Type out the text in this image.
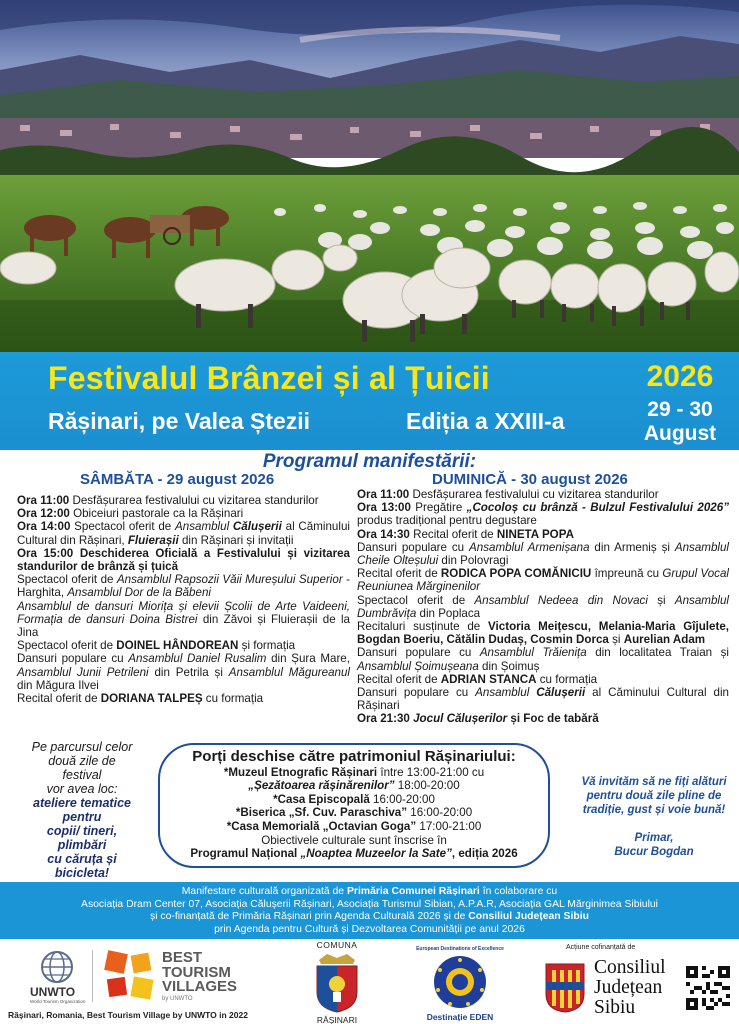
Festivalul Brânzei și al Țuicii
Rășinari, pe Valea Ștezii	Ediția a XXIII-a
2026
29 - 30
August
Programul manifestării:
SÂMBĂTA - 29 august 2026	DUMINICĂ - 30 august 2026

Ora 11:00 Desfășurarea festivalului cu vizitarea standurilor

Ora 12:00 Obiceiuri pastorale ca la Rășinari

Ora 14:00 Spectacol oferit de Ansamblul Călușerii al Căminului Cultural din Rășinari, Fluierașii din Rășinari și invitații

Ora 15:00 Deschiderea Oficială a Festivalului și vizitarea standurilor de brânză și țuică

Spectacol oferit de Ansamblul Rapsozii Văii Mureșului Superior - Harghita, Ansamblul Dor de la Băbeni

Ansamblul de dansuri Miorița și elevii Școlii de Arte Vaideeni, Formația de dansuri Doina Bistrei din Zăvoi și Fluierașii de la Jina

Spectacol oferit de DOINEL HÂNDOREAN și formația

Dansuri populare cu Ansamblul Daniel Rusalim din Șura Mare, Ansamblul Junii Petrileni din Petrila și Ansamblul Măgureanul din Măgura Ilvei

Recital oferit de DORIANA TALPEȘ cu formația

Ora 11:00 Desfășurarea festivalului cu vizitarea standurilor

Ora 13:00 Pregătire „Cocoloș cu brânză - Bulzul Festivalului 2026” produs tradițional pentru degustare

Ora 14:30 Recital oferit de NINETA POPA

Dansuri populare cu Ansamblul Armenișana din Armeniș și Ansamblul Cheile Olteșului din Polovragi

Recital oferit de RODICA POPA COMĂNICIU împreună cu Grupul Vocal Reuniunea Mărginenilor

Spectacol oferit de Ansamblul Nedeea din Novaci și Ansamblul Dumbrăvița din Poplaca

Recitaluri susținute de Victoria Meițescu, Melania-Maria Gîjulete, Bogdan Boeriu, Cătălin Dudaș, Cosmin Dorca și Aurelian Adam

Dansuri populare cu Ansamblul Trăienița din localitatea Traian și Ansamblul Șoimușeana din Șoimuș

Recital oferit de ADRIAN STANCA cu formația

Dansuri populare cu Ansamblul Călușerii al Căminului Cultural din Rășinari

Ora 21:30 Jocul Călușerilor și Foc de tabără

Pe parcursul celor
două zile de
festival
vor avea loc:
ateliere tematice
pentru
copii/ tineri,
plimbări
cu căruța și
bicicleta!
Porți deschise către patrimoniul Rășinariului:
*Muzeul Etnografic Rășinari între 13:00-21:00 cu
„Șezătoarea rășinărenilor” 18:00-20:00
*Casa Episcopală 16:00-20:00
*Biserica „Sf. Cuv. Paraschiva” 16:00-20:00
*Casa Memorială „Octavian Goga” 17:00-21:00
Obiectivele culturale sunt înscrise în
Programul Național „Noaptea Muzeelor la Sate”, ediția 2026
Vă invităm să ne fiți alături
pentru două zile pline de
tradiție, gust și voie bună!
Primar,
Bucur Bogdan
Manifestare culturală organizată de Primăria Comunei Rășinari în colaborare cu
Asociația Dram Center 07, Asociația Călușerii Rășinari, Asociația Turismul Sibian, A.P.A.R, Asociația GAL Mărginimea Sibiului
și co-finanțată de Primăria Rășinari prin Agenda Culturală 2026 și de Consiliul Județean Sibiu
prin Agenda pentru Cultură și Dezvoltarea Comunității pe anul 2026
UNWTO
World Tourism Organization
BEST TOURISM VILLAGES
by UNWTO
Rășinari, Romania, Best Tourism Village by UNWTO in 2022
COMUNA
RĂȘINARI
European Destinations of Excellence
Destinație EDEN
Acțiune cofinanțată de
Consiliul
Județean
Sibiu
